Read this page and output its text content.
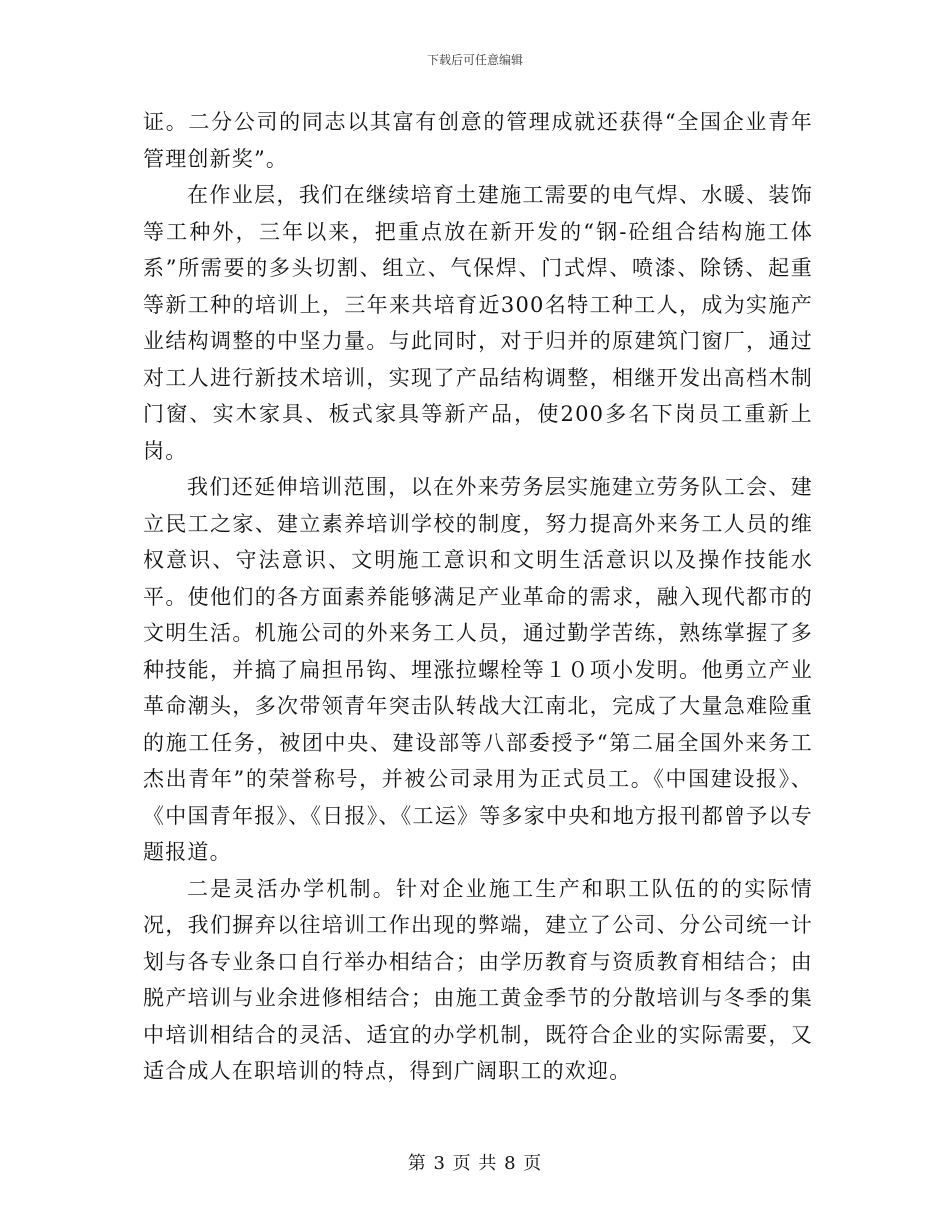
下载后可任意编辑

证。二分公司的同志以其富有创意的管理成就还获得“全国企业青年管理创新奖”。

在作业层，我们在继续培育土建施工需要的电气焊、水暖、装饰等工种外，三年以来，把重点放在新开发的“钢-砼组合结构施工体系”所需要的多头切割、组立、气保焊、门式焊、喷漆、除锈、起重等新工种的培训上，三年来共培育近300名特工种工人，成为实施产业结构调整的中坚力量。与此同时，对于归并的原建筑门窗厂，通过对工人进行新技术培训，实现了产品结构调整，相继开发出高档木制门窗、实木家具、板式家具等新产品，使200多名下岗员工重新上岗。

我们还延伸培训范围，以在外来劳务层实施建立劳务队工会、建立民工之家、建立素养培训学校的制度，努力提高外来务工人员的维权意识、守法意识、文明施工意识和文明生活意识以及操作技能水平。使他们的各方面素养能够满足产业革命的需求，融入现代都市的文明生活。机施公司的外来务工人员，通过勤学苦练，熟练掌握了多种技能，并搞了扁担吊钩、埋涨拉螺栓等１０项小发明。他勇立产业革命潮头，多次带领青年突击队转战大江南北，完成了大量急难险重的施工任务，被团中央、建设部等八部委授予“第二届全国外来务工杰出青年”的荣誉称号，并被公司录用为正式员工。《中国建设报》、《中国青年报》、《日报》、《工运》等多家中央和地方报刊都曾予以专题报道。

二是灵活办学机制。针对企业施工生产和职工队伍的的实际情况，我们摒弃以往培训工作出现的弊端，建立了公司、分公司统一计划与各专业条口自行举办相结合；由学历教育与资质教育相结合；由脱产培训与业余进修相结合；由施工黄金季节的分散培训与冬季的集中培训相结合的灵活、适宜的办学机制，既符合企业的实际需要，又适合成人在职培训的特点，得到广阔职工的欢迎。

第 3 页 共 8 页
